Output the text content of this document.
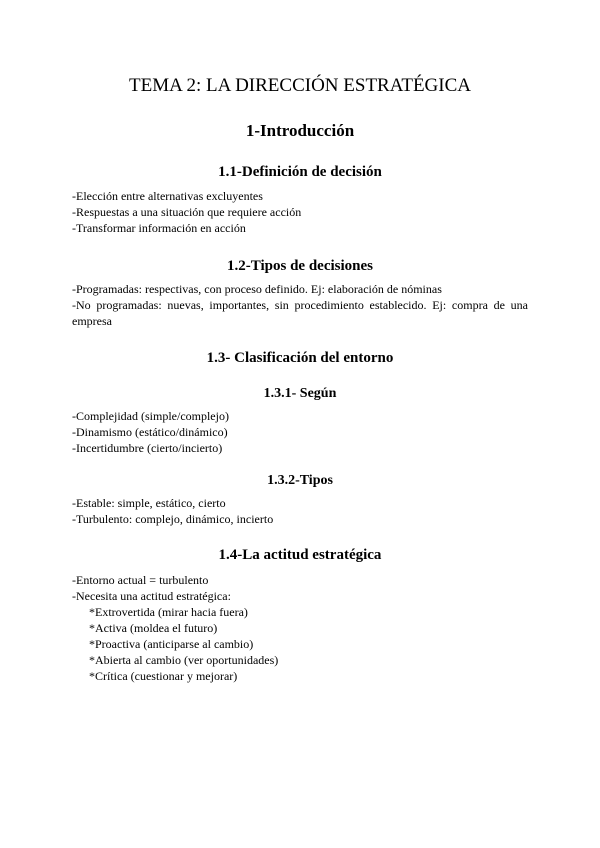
TEMA 2: LA DIRECCIÓN ESTRATÉGICA
1-Introducción
1.1-Definición de decisión
-Elección entre alternativas excluyentes
-Respuestas a una situación que requiere acción
-Transformar información en acción
1.2-Tipos de decisiones
-Programadas: respectivas, con proceso definido. Ej: elaboración de nóminas
-No programadas: nuevas, importantes, sin procedimiento establecido. Ej: compra de una empresa
1.3- Clasificación del entorno
1.3.1- Según
-Complejidad (simple/complejo)
-Dinamismo (estático/dinámico)
-Incertidumbre (cierto/incierto)
1.3.2-Tipos
-Estable: simple, estático, cierto
-Turbulento: complejo, dinámico, incierto
1.4-La actitud estratégica
-Entorno actual = turbulento
-Necesita una actitud estratégica:
*Extrovertida (mirar hacia fuera)
*Activa (moldea el futuro)
*Proactiva (anticiparse al cambio)
*Abierta al cambio (ver oportunidades)
*Crítica (cuestionar y mejorar)
